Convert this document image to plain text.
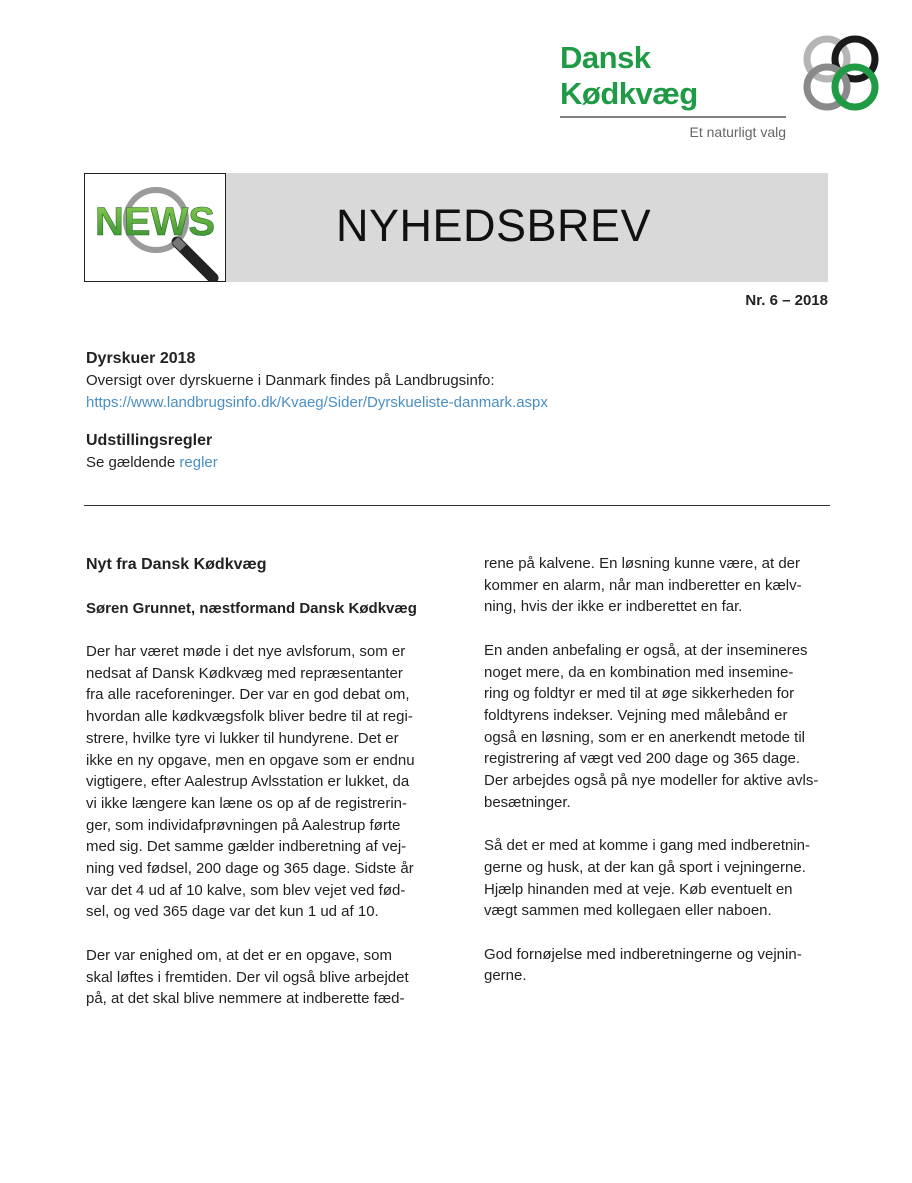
Dansk Kødkvæg
Et naturligt valg
NEWS	NYHEDSBREV
Nr. 6 – 2018
Dyrskuer 2018

Oversigt over dyrskuerne i Danmark findes på Landbrugsinfo:

https://www.landbrugsinfo.dk/Kvaeg/Sider/Dyrskueliste-danmark.aspx

Udstillingsregler

Se gældende regler

Nyt fra Dansk Kødkvæg
Søren Grunnet, næstformand Dansk Kødkvæg

Der har været møde i det nye avlsforum, som er
nedsat af Dansk Kødkvæg med repræsentanter
fra alle raceforeninger. Der var en god debat om,
hvordan alle kødkvægsfolk bliver bedre til at regi-
strere, hvilke tyre vi lukker til hundyrene. Det er
ikke en ny opgave, men en opgave som er endnu
vigtigere, efter Aalestrup Avlsstation er lukket, da
vi ikke længere kan læne os op af de registrerin-
ger, som individafprøvningen på Aalestrup førte
med sig. Det samme gælder indberetning af vej-
ning ved fødsel, 200 dage og 365 dage. Sidste år
var det 4 ud af 10 kalve, som blev vejet ved fød-
sel, og ved 365 dage var det kun 1 ud af 10.

Der var enighed om, at det er en opgave, som
skal løftes i fremtiden. Der vil også blive arbejdet
på, at det skal blive nemmere at indberette fæd-

rene på kalvene. En løsning kunne være, at der
kommer en alarm, når man indberetter en kælv-
ning, hvis der ikke er indberettet en far.

En anden anbefaling er også, at der insemineres
noget mere, da en kombination med insemine-
ring og foldtyr er med til at øge sikkerheden for
foldtyrens indekser. Vejning med målebånd er
også en løsning, som er en anerkendt metode til
registrering af vægt ved 200 dage og 365 dage.
Der arbejdes også på nye modeller for aktive avls-
besætninger.

Så det er med at komme i gang med indberetnin-
gerne og husk, at der kan gå sport i vejningerne.
Hjælp hinanden med at veje. Køb eventuelt en
vægt sammen med kollegaen eller naboen.

God fornøjelse med indberetningerne og vejnin-
gerne.
